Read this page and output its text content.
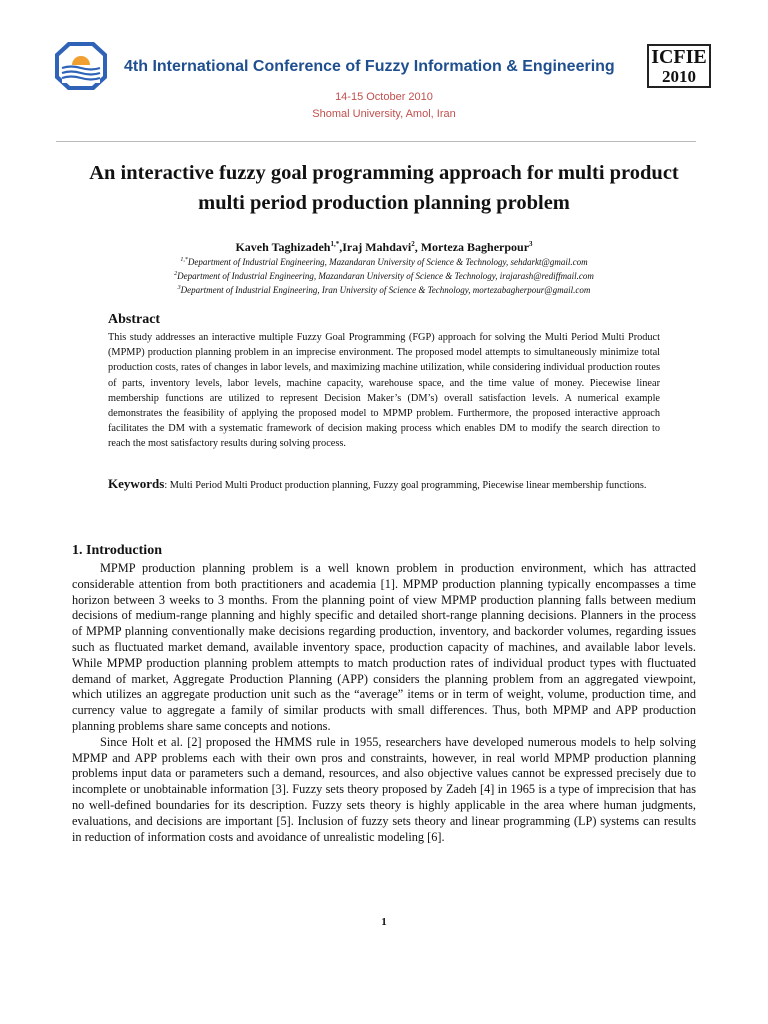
4th International Conference of Fuzzy Information & Engineering ICFIE
2010
14-15 October 2010
Shomal University, Amol, Iran
An interactive fuzzy goal programming approach for multi product multi period production planning problem
Kaveh Taghizadeh$^{1,*}$,Iraj Mahdavi$^2$, Morteza Bagherpour$^3$
$^{1,*}$Department of Industrial Engineering, Mazandaran University of Science & Technology, sehdarkt@gmail.com
$^2$Department of Industrial Engineering, Mazandaran University of Science & Technology, irajarash@rediffmail.com
$^3$Department of Industrial Engineering, Iran University of Science & Technology, mortezabagherpour@gmail.com
Abstract
This study addresses an interactive multiple Fuzzy Goal Programming (FGP) approach for solving the Multi Period Multi Product (MPMP) production planning problem in an imprecise environment. The proposed model attempts to simultaneously minimize total production costs, rates of changes in labor levels, and maximizing machine utilization, while considering individual production routes of parts, inventory levels, labor levels, machine capacity, warehouse space, and the time value of money. Piecewise linear membership functions are utilized to represent Decision Maker’s (DM’s) overall satisfaction levels. A numerical example demonstrates the feasibility of applying the proposed model to MPMP problem. Furthermore, the proposed interactive approach facilitates the DM with a systematic framework of decision making process which enables DM to modify the search direction to reach the most satisfactory results during solving process.
Keywords: Multi Period Multi Product production planning, Fuzzy goal programming, Piecewise linear membership functions.
1. Introduction

MPMP production planning problem is a well known problem in production environment, which has attracted considerable attention from both practitioners and academia [1]. MPMP production planning typically encompasses a time horizon between 3 weeks to 3 months. From the planning point of view MPMP production planning falls between medium decisions of medium-range planning and highly specific and detailed short-range planning decisions. Planners in the process of MPMP planning conventionally make decisions regarding production, inventory, and backorder volumes, regarding issues such as fluctuated market demand, available inventory space, production capacity of machines, and available labor levels. While MPMP production planning problem attempts to match production rates of individual product types with fluctuated demand of market, Aggregate Production Planning (APP) considers the planning problem from an aggregated viewpoint, which utilizes an aggregate production unit such as the “average” items or in term of weight, volume, production time, and currency value to aggregate a family of similar products with small differences. Thus, both MPMP and APP production planning problems share same concepts and notions.

Since Holt et al. [2] proposed the HMMS rule in 1955, researchers have developed numerous models to help solving MPMP and APP problems each with their own pros and constraints, however, in real world MPMP production planning problems input data or parameters such a demand, resources, and also objective values cannot be expressed precisely due to incomplete or unobtainable information [3]. Fuzzy sets theory proposed by Zadeh [4] in 1965 is a type of imprecision that has no well-defined boundaries for its description. Fuzzy sets theory is highly applicable in the area where human judgments, evaluations, and decisions are important [5]. Inclusion of fuzzy sets theory and linear programming (LP) systems can results in reduction of information costs and avoidance of unrealistic modeling [6].

1
